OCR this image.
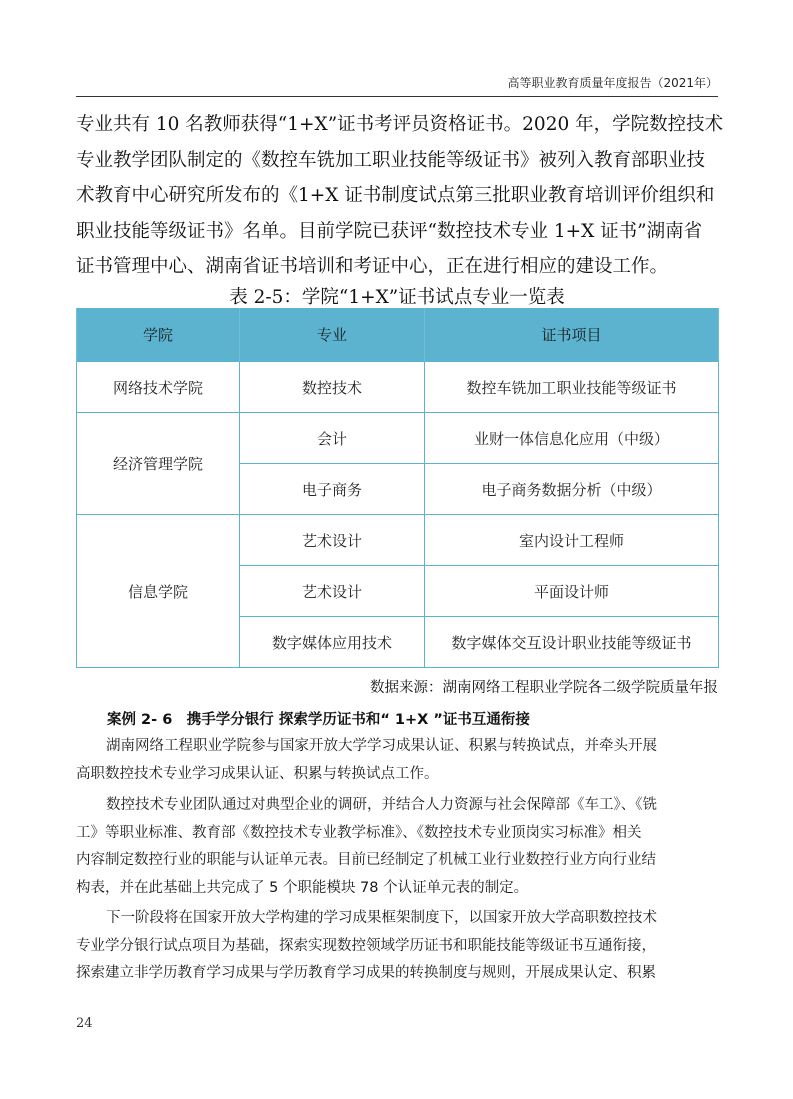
高等职业教育质量年度报告（2021年）
专业共有 10 名教师获得“1+X”证书考评员资格证书。2020 年，学院数控技术
专业教学团队制定的《数控车铣加工职业技能等级证书》被列入教育部职业技
术教育中心研究所发布的《1+X 证书制度试点第三批职业教育培训评价组织和
职业技能等级证书》名单。目前学院已获评“数控技术专业 1+X 证书”湖南省
证书管理中心、湖南省证书培训和考证中心，正在进行相应的建设工作。
表 2-5：学院“1+X”证书试点专业一览表
学院	专业	证书项目
网络技术学院	数控技术	数控车铣加工职业技能等级证书
经济管理学院	会计	业财一体信息化应用（中级）
	电子商务	电子商务数据分析（中级）
信息学院	艺术设计	室内设计工程师
	艺术设计	平面设计师
	数字媒体应用技术	数字媒体交互设计职业技能等级证书
数据来源：湖南网络工程职业学院各二级学院质量年报
案例 2- 6　携手学分银行 探索学历证书和“ 1+X ”证书互通衔接
湖南网络工程职业学院参与国家开放大学学习成果认证、积累与转换试点，并牵头开展
高职数控技术专业学习成果认证、积累与转换试点工作。
数控技术专业团队通过对典型企业的调研，并结合人力资源与社会保障部《车工》、《铣
工》等职业标准、教育部《数控技术专业教学标准》、《数控技术专业顶岗实习标准》相关
内容制定数控行业的职能与认证单元表。目前已经制定了机械工业行业数控行业方向行业结
构表，并在此基础上共完成了 5 个职能模块 78 个认证单元表的制定。
下一阶段将在国家开放大学构建的学习成果框架制度下，以国家开放大学高职数控技术
专业学分银行试点项目为基础，探索实现数控领域学历证书和职能技能等级证书互通衔接，
探索建立非学历教育学习成果与学历教育学习成果的转换制度与规则，开展成果认定、积累
24
